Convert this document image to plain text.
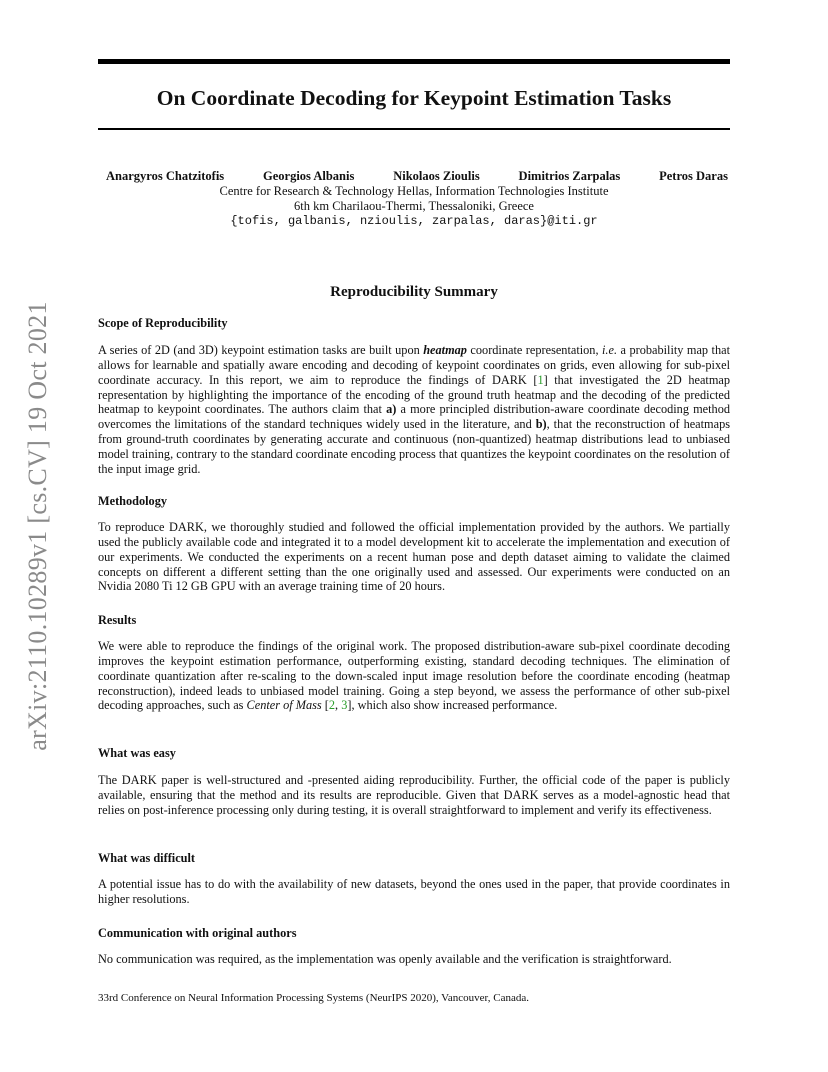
arXiv:2110.10289v1 [cs.CV] 19 Oct 2021
On Coordinate Decoding for Keypoint Estimation Tasks
Anargyros Chatzitofis	Georgios Albanis	Nikolaos Zioulis	Dimitrios Zarpalas	Petros Daras
Centre for Research & Technology Hellas, Information Technologies Institute
6th km Charilaou-Thermi, Thessaloniki, Greece
{tofis, galbanis, nzioulis, zarpalas, daras}@iti.gr
Reproducibility Summary
Scope of Reproducibility

A series of 2D (and 3D) keypoint estimation tasks are built upon heatmap coordinate representation, i.e. a probability map that allows for learnable and spatially aware encoding and decoding of keypoint coordinates on grids, even allowing for sub-pixel coordinate accuracy. In this report, we aim to reproduce the findings of DARK [1] that investigated the 2D heatmap representation by highlighting the importance of the encoding of the ground truth heatmap and the decoding of the predicted heatmap to keypoint coordinates. The authors claim that a) a more principled distribution-aware coordinate decoding method overcomes the limitations of the standard techniques widely used in the literature, and b), that the reconstruction of heatmaps from ground-truth coordinates by generating accurate and continuous (non-quantized) heatmap distributions lead to unbiased model training, contrary to the standard coordinate encoding process that quantizes the keypoint coordinates on the resolution of the input image grid.

Methodology

To reproduce DARK, we thoroughly studied and followed the official implementation provided by the authors. We partially used the publicly available code and integrated it to a model development kit to accelerate the implementation and execution of our experiments. We conducted the experiments on a recent human pose and depth dataset aiming to validate the claimed concepts on different a different setting than the one originally used and assessed. Our experiments were conducted on an Nvidia 2080 Ti 12 GB GPU with an average training time of 20 hours.

Results

We were able to reproduce the findings of the original work. The proposed distribution-aware sub-pixel coordinate decoding improves the keypoint estimation performance, outperforming existing, standard decoding techniques. The elimination of coordinate quantization after re-scaling to the down-scaled input image resolution before the coordinate encoding (heatmap reconstruction), indeed leads to unbiased model training. Going a step beyond, we assess the performance of other sub-pixel decoding approaches, such as Center of Mass [2, 3], which also show increased performance.

What was easy

The DARK paper is well-structured and -presented aiding reproducibility. Further, the official code of the paper is publicly available, ensuring that the method and its results are reproducible. Given that DARK serves as a model-agnostic head that relies on post-inference processing only during testing, it is overall straightforward to implement and verify its effectiveness.

What was difficult

A potential issue has to do with the availability of new datasets, beyond the ones used in the paper, that provide coordinates in higher resolutions.

Communication with original authors

No communication was required, as the implementation was openly available and the verification is straightforward.

33rd Conference on Neural Information Processing Systems (NeurIPS 2020), Vancouver, Canada.
